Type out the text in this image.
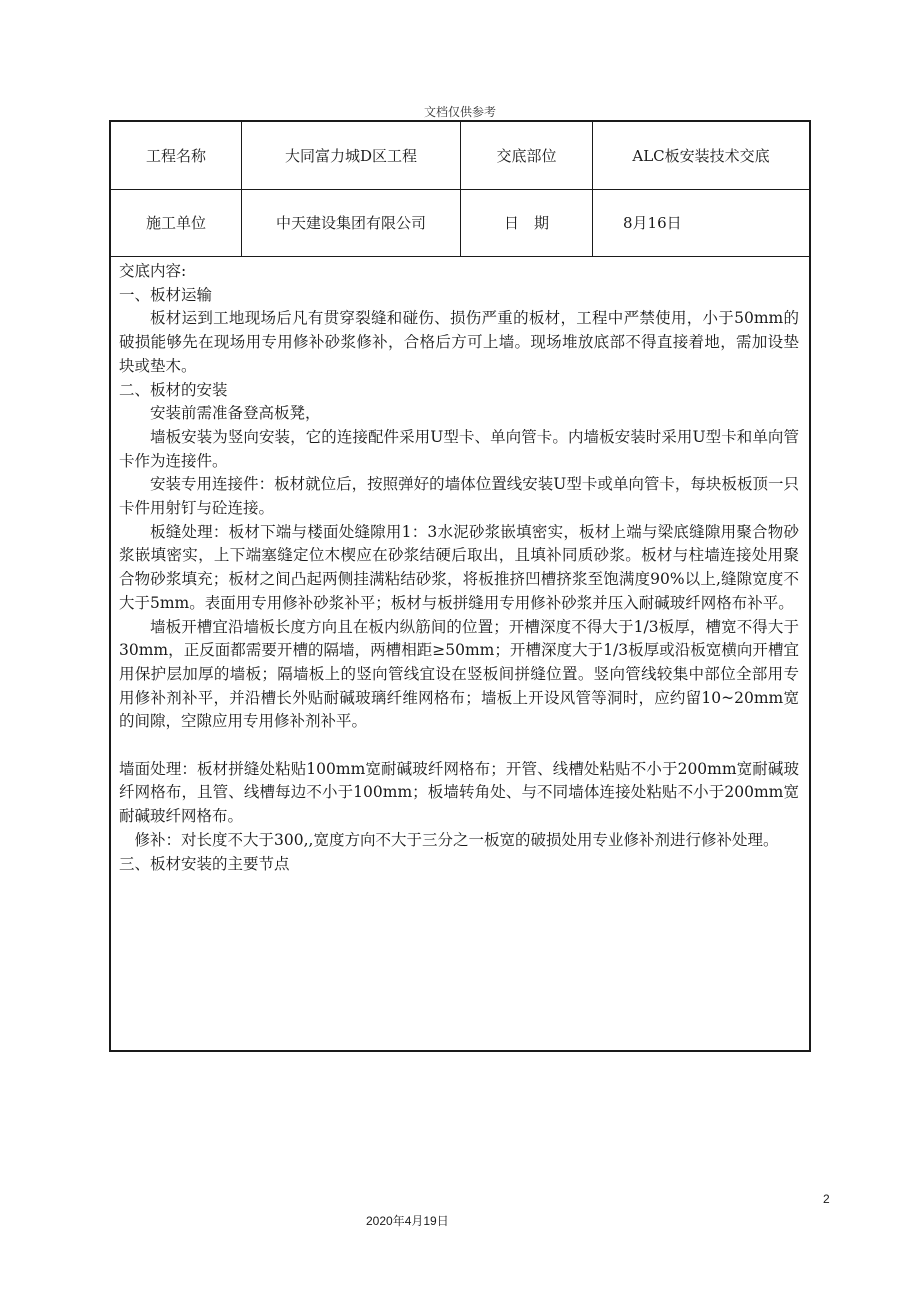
文档仅供参考
工程名称	大同富力城D区工程	交底部位	ALC板安装技术交底
施工单位	中天建设集团有限公司	日　期	8月16日

交底内容:

一、板材运输

板材运到工地现场后凡有贯穿裂缝和碰伤、损伤严重的板材，工程中严禁使用，小于50mm的破损能够先在现场用专用修补砂浆修补，合格后方可上墙。现场堆放底部不得直接着地，需加设垫块或垫木。

二、板材的安装

安装前需准备登高板凳，

墙板安装为竖向安装，它的连接配件采用U型卡、单向管卡。内墙板安装时采用U型卡和单向管卡作为连接件。

安装专用连接件：板材就位后，按照弹好的墙体位置线安装U型卡或单向管卡，每块板板顶一只卡件用射钉与砼连接。

板缝处理：板材下端与楼面处缝隙用1：3水泥砂浆嵌填密实，板材上端与梁底缝隙用聚合物砂浆嵌填密实，上下端塞缝定位木楔应在砂浆结硬后取出，且填补同质砂浆。板材与柱墙连接处用聚合物砂浆填充；板材之间凸起两侧挂满粘结砂浆，将板推挤凹槽挤浆至饱满度90%以上,缝隙宽度不大于5mm。表面用专用修补砂浆补平；板材与板拼缝用专用修补砂浆并压入耐碱玻纤网格布补平。

墙板开槽宜沿墙板长度方向且在板内纵筋间的位置；开槽深度不得大于1/3板厚，槽宽不得大于30mm，正反面都需要开槽的隔墙，两槽相距≥50mm；开槽深度大于1/3板厚或沿板宽横向开槽宜用保护层加厚的墙板；隔墙板上的竖向管线宜设在竖板间拼缝位置。竖向管线较集中部位全部用专用修补剂补平，并沿槽长外贴耐碱玻璃纤维网格布；墙板上开设风管等洞时，应约留10~20mm宽的间隙，空隙应用专用修补剂补平。

墙面处理：板材拼缝处粘贴100mm宽耐碱玻纤网格布；开管、线槽处粘贴不小于200mm宽耐碱玻纤网格布，且管、线槽每边不小于100mm；板墙转角处、与不同墙体连接处粘贴不小于200mm宽耐碱玻纤网格布。

修补：对长度不大于300,,宽度方向不大于三分之一板宽的破损处用专业修补剂进行修补处理。

三、板材安装的主要节点

2
2020年4月19日
